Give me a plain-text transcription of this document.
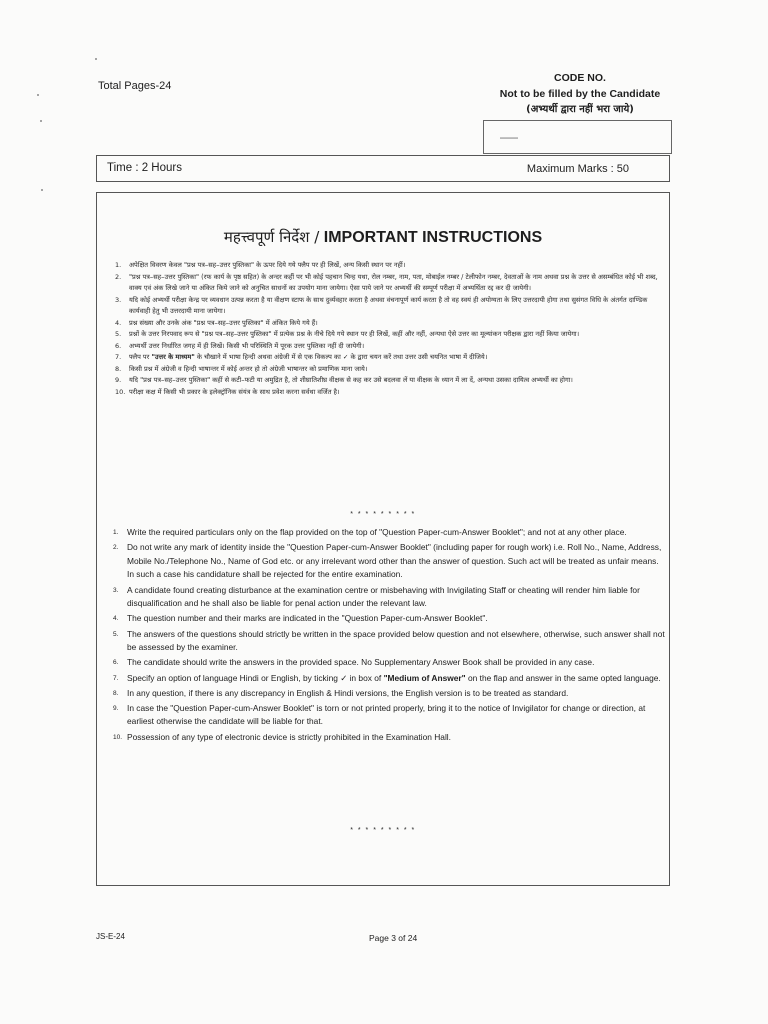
Total Pages-24
CODE NO.
Not to be filled by the Candidate
(अभ्यर्थी द्वारा नहीं भरा जाये)
▬▬▬
Time : 2 Hours	Maximum Marks : 50
महत्त्वपूर्ण निर्देश / IMPORTANT INSTRUCTIONS
1. अपेक्षित विवरण केवल "प्रश्न पत्र–सह–उत्तर पुस्तिका" के ऊपर दिये गये फ्लैप पर ही लिखें, अन्य किसी स्थान पर नहीं।
2. "प्रश्न पत्र–सह–उत्तर पुस्तिका" (रफ कार्य के पृष्ठ सहित) के अन्दर कहीं पर भी कोई पहचान चिन्ह यथा, रोल नम्बर, नाम, पता, मोबाईल नम्बर / टेलीफोन नम्बर, देवताओं के नाम अथवा प्रश्न के उत्तर से असम्बंधित कोई भी शब्द, वाक्य एवं अंक लिखे जाने या अंकित किये जाने को अनुचित साधनों का उपयोग माना जायेगा। ऐसा पाये जाने पर अभ्यर्थी की सम्पूर्ण परीक्षा में अभ्यर्थिता रद्द कर दी जायेगी।
3. यदि कोई अभ्यर्थी परीक्षा केन्द्र पर व्यवधान उत्पन्न करता है या वीक्षण स्टाफ के साथ दुर्व्यवहार करता है अथवा वंचनापूर्ण कार्य करता है तो वह स्वयं ही अयोग्यता के लिए उत्तरदायी होगा तथा सुसंगत विधि के अंतर्गत दाण्डिक कार्यवाही हेतु भी उत्तरदायी माना जायेगा।
4. प्रश्न संख्या और उनके अंक "प्रश्न पत्र–सह–उत्तर पुस्तिका" में अंकित किये गये हैं।
5. प्रश्नों के उत्तर निरपवाद रूप से "प्रश्न पत्र–सह–उत्तर पुस्तिका" में प्रत्येक प्रश्न के नीचे दिये गये स्थान पर ही लिखें, कहीं और नहीं, अन्यथा ऐसे उत्तर का मूल्यांकन परीक्षक द्वारा नहीं किया जायेगा।
6. अभ्यर्थी उत्तर निर्धारित जगह में ही लिखें। किसी भी परिस्थिति में पूरक उत्तर पुस्तिका नहीं दी जायेगी।
7. फ्लैप पर "उत्तर के माध्यम" के चौखाने में भाषा हिन्दी अथवा अंग्रेजी में से एक विकल्प का ✓ के द्वारा चयन करें तथा उत्तर उसी चयनित भाषा में दीजिये।
8. किसी प्रश्न में अंग्रेजी व हिन्दी भाषान्तर में कोई अन्तर हो तो अंग्रेजी भाषान्तर को प्रमाणिक माना जाये।
9. यदि "प्रश्न पत्र–सह–उत्तर पुस्तिका" कहीं से कटी–फटी या अमुद्रित है, तो शीघ्रातिशीघ्र वीक्षक से कह कर उसे बदलवा लें या वीक्षक के ध्यान में ला दें, अन्यथा उसका दायित्व अभ्यर्थी का होगा।
10. परीक्षा कक्ष में किसी भी प्रकार के इलेक्ट्रॉनिक संयंत्र के साथ प्रवेश करना सर्वथा वर्जित है।
* * * * * * * * *
1. Write the required particulars only on the flap provided on the top of "Question Paper-cum-Answer Booklet"; and not at any other place.
2. Do not write any mark of identity inside the "Question Paper-cum-Answer Booklet" (including paper for rough work) i.e. Roll No., Name, Address, Mobile No./Telephone No., Name of God etc. or any irrelevant word other than the answer of question. Such act will be treated as unfair means. In such a case his candidature shall be rejected for the entire examination.
3. A candidate found creating disturbance at the examination centre or misbehaving with Invigilating Staff or cheating will render him liable for disqualification and he shall also be liable for penal action under the relevant law.
4. The question number and their marks are indicated in the "Question Paper-cum-Answer Booklet".
5. The answers of the questions should strictly be written in the space provided below question and not elsewhere, otherwise, such answer shall not be assessed by the examiner.
6. The candidate should write the answers in the provided space. No Supplementary Answer Book shall be provided in any case.
7. Specify an option of language Hindi or English, by ticking ✓ in box of "Medium of Answer" on the flap and answer in the same opted language.
8. In any question, if there is any discrepancy in English & Hindi versions, the English version is to be treated as standard.
9. In case the "Question Paper-cum-Answer Booklet" is torn or not printed properly, bring it to the notice of Invigilator for change or direction, at earliest otherwise the candidate will be liable for that.
10. Possession of any type of electronic device is strictly prohibited in the Examination Hall.
* * * * * * * * *
JS-E-24	Page 3 of 24
